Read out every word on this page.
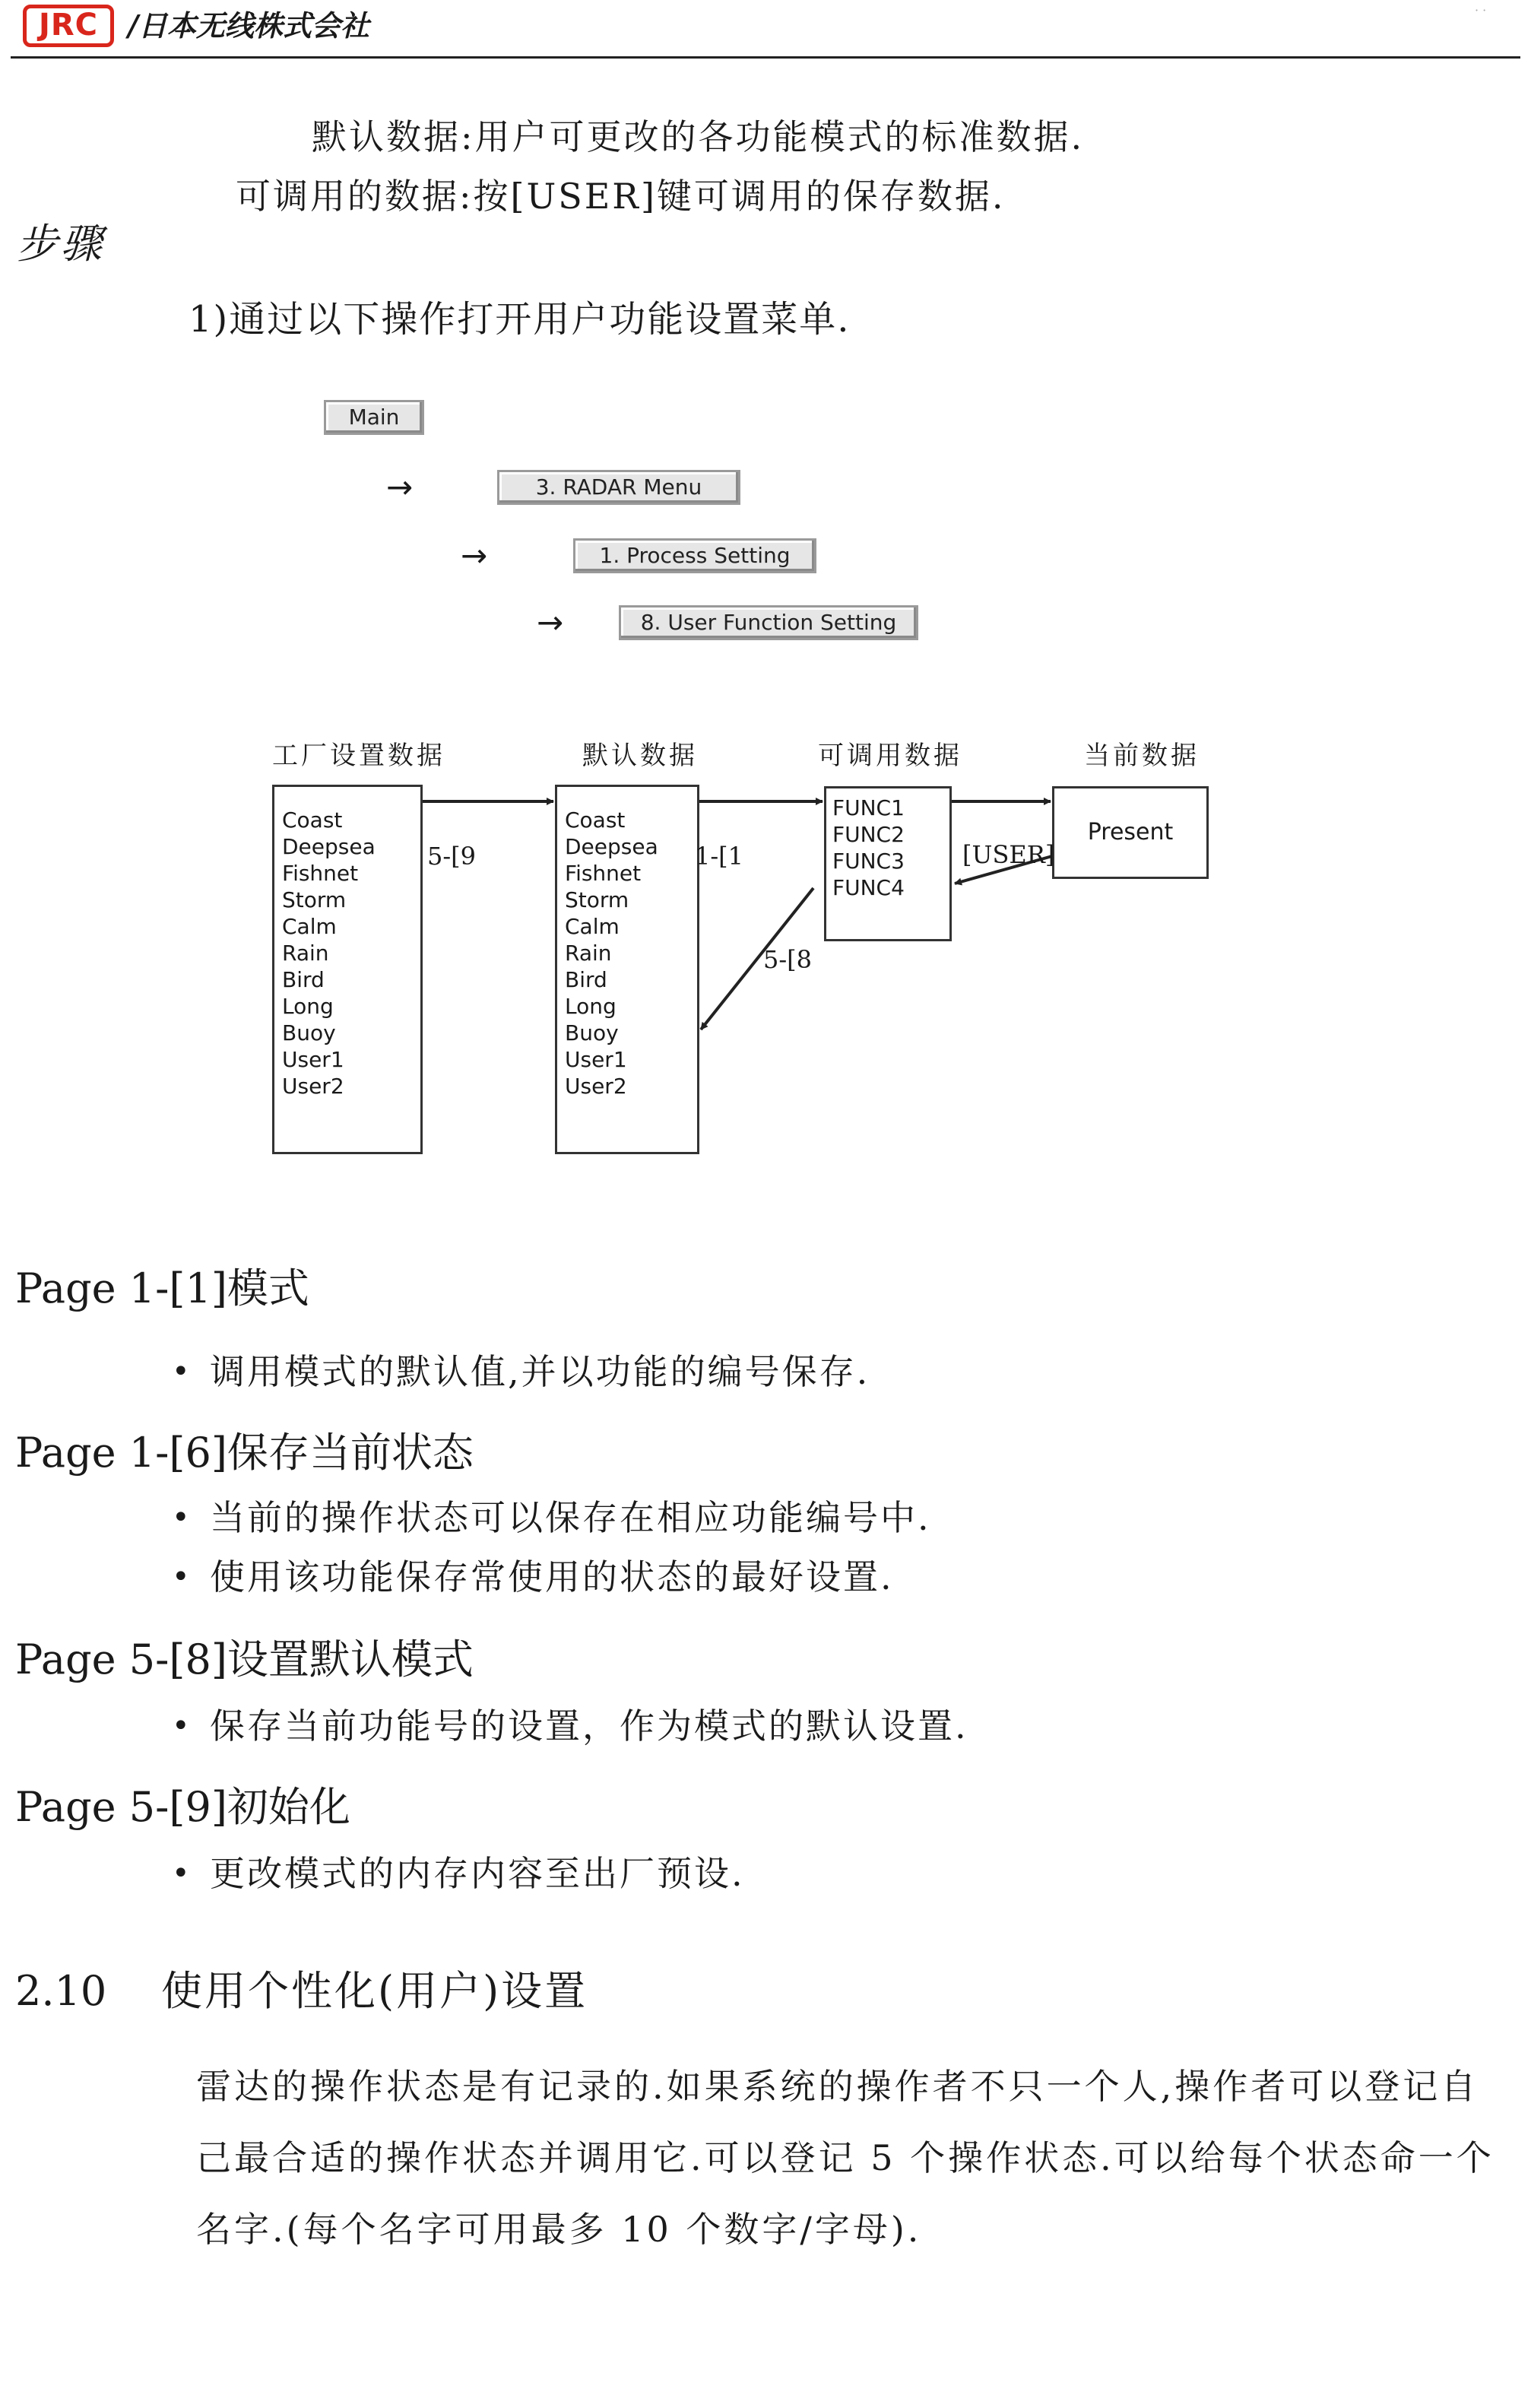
JRC	/日本无线株式会社	· ·
默认数据:用户可更改的各功能模式的标准数据.
可调用的数据:按[USER]键可调用的保存数据.
步骤
1)通过以下操作打开用户功能设置菜单.
Main
→	3. RADAR Menu
→	1. Process Setting
→	8. User Function Setting
工厂设置数据	默认数据	可调用数据	当前数据
Coast
Deepsea
Fishnet
Storm
Calm
Rain
Bird
Long
Buoy
User1
User2
Coast
Deepsea
Fishnet
Storm
Calm
Rain
Bird
Long
Buoy
User1
User2
FUNC1
FUNC2
FUNC3
FUNC4
Present
5-[9	1-[1	[USER]
5-[8
Page 1-[1]模式
• 调用模式的默认值,并以功能的编号保存.
Page 1-[6]保存当前状态
• 当前的操作状态可以保存在相应功能编号中.
• 使用该功能保存常使用的状态的最好设置.
Page 5-[8]设置默认模式
• 保存当前功能号的设置，作为模式的默认设置.
Page 5-[9]初始化
• 更改模式的内存内容至出厂预设.
2.10 使用个性化(用户)设置
雷达的操作状态是有记录的.如果系统的操作者不只一个人,操作者可以登记自
己最合适的操作状态并调用它.可以登记 5 个操作状态.可以给每个状态命一个
名字.(每个名字可用最多 10 个数字/字母).
